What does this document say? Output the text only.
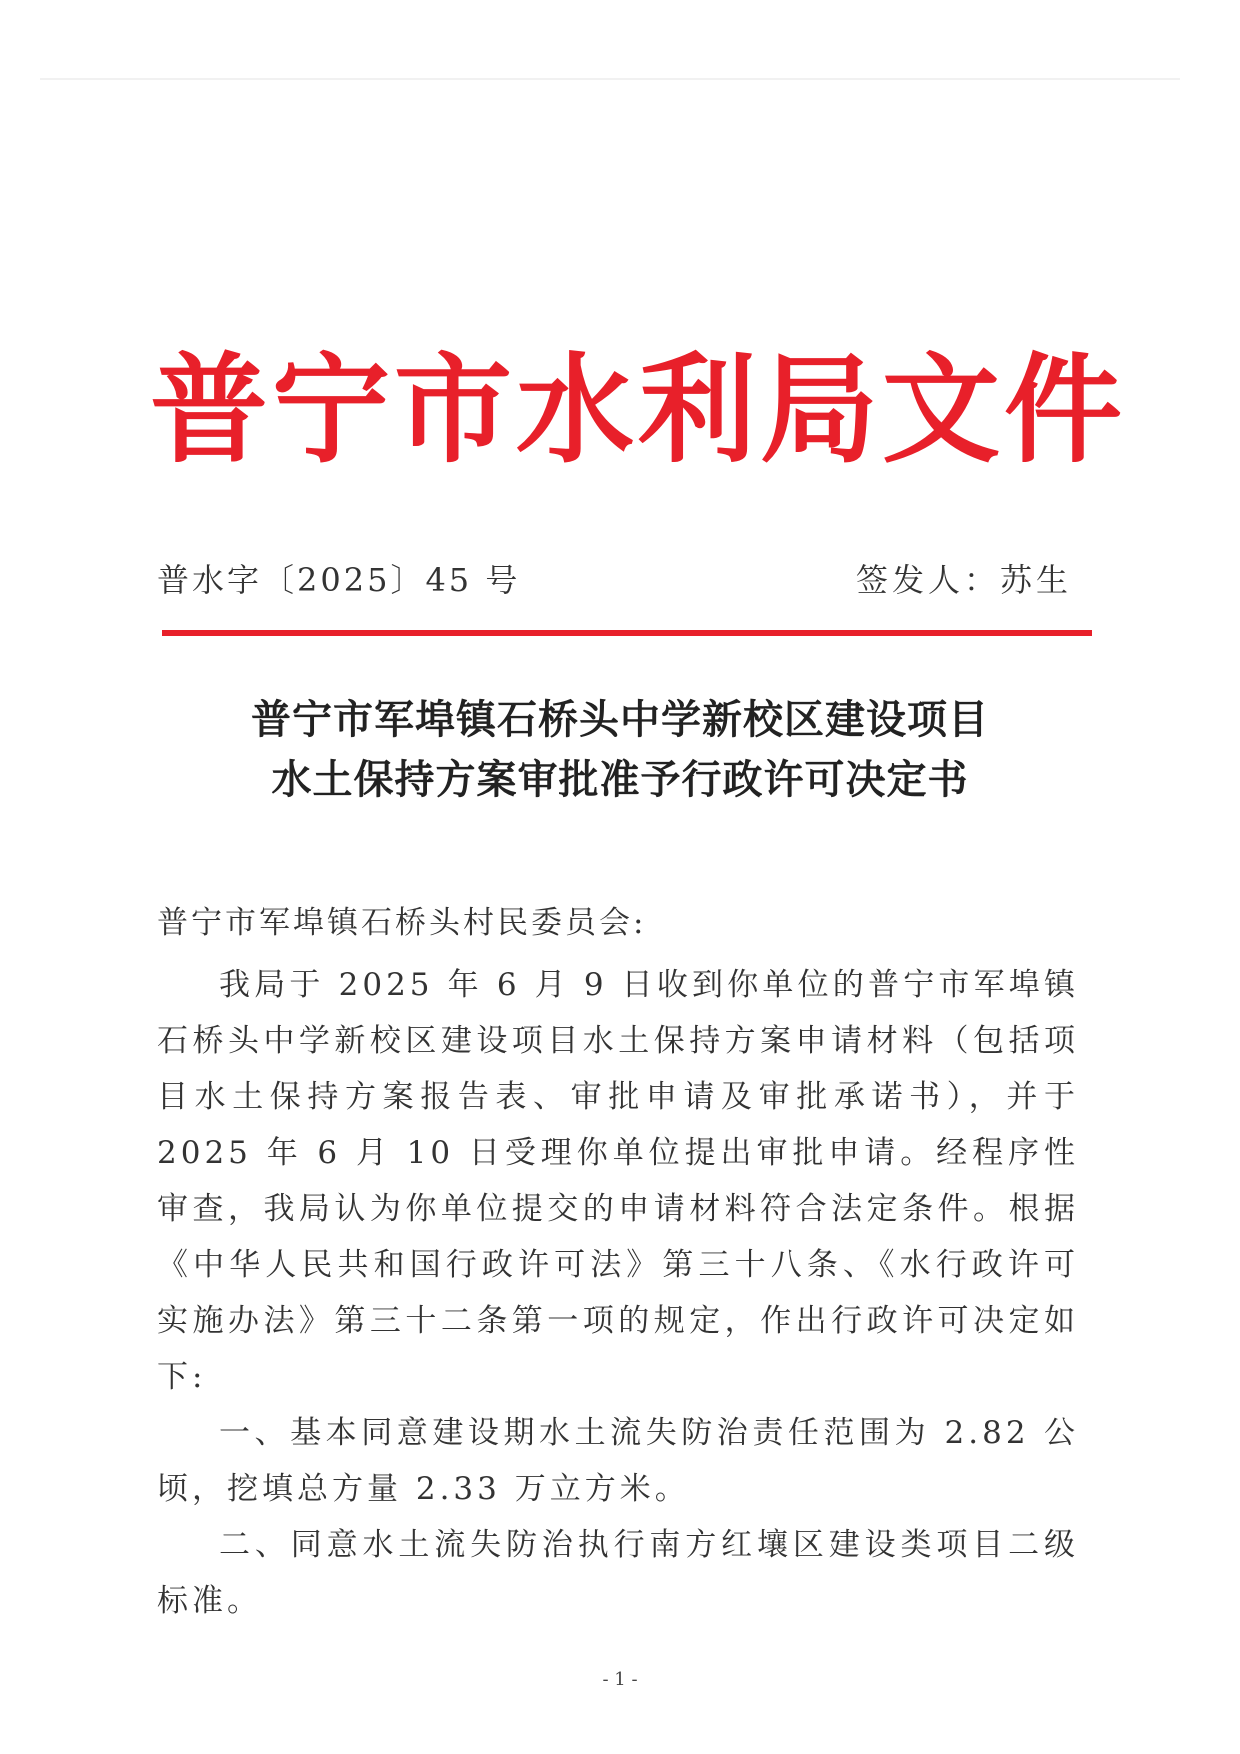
普宁市水利局文件
普水字〔2025〕45 号	签发人：苏生
普宁市军埠镇石桥头中学新校区建设项目
水土保持方案审批准予行政许可决定书
普宁市军埠镇石桥头村民委员会:

我局于 2025 年 6 月 9 日收到你单位的普宁市军埠镇石桥头中学新校区建设项目水土保持方案申请材料（包括项目水土保持方案报告表、审批申请及审批承诺书），并于 2025 年 6 月 10 日受理你单位提出审批申请。经程序性审查，我局认为你单位提交的申请材料符合法定条件。根据《中华人民共和国行政许可法》第三十八条、《水行政许可实施办法》第三十二条第一项的规定，作出行政许可决定如下:

一、基本同意建设期水土流失防治责任范围为 2.82 公顷，挖填总方量 2.33 万立方米。

二、同意水土流失防治执行南方红壤区建设类项目二级标准。

- 1 -
